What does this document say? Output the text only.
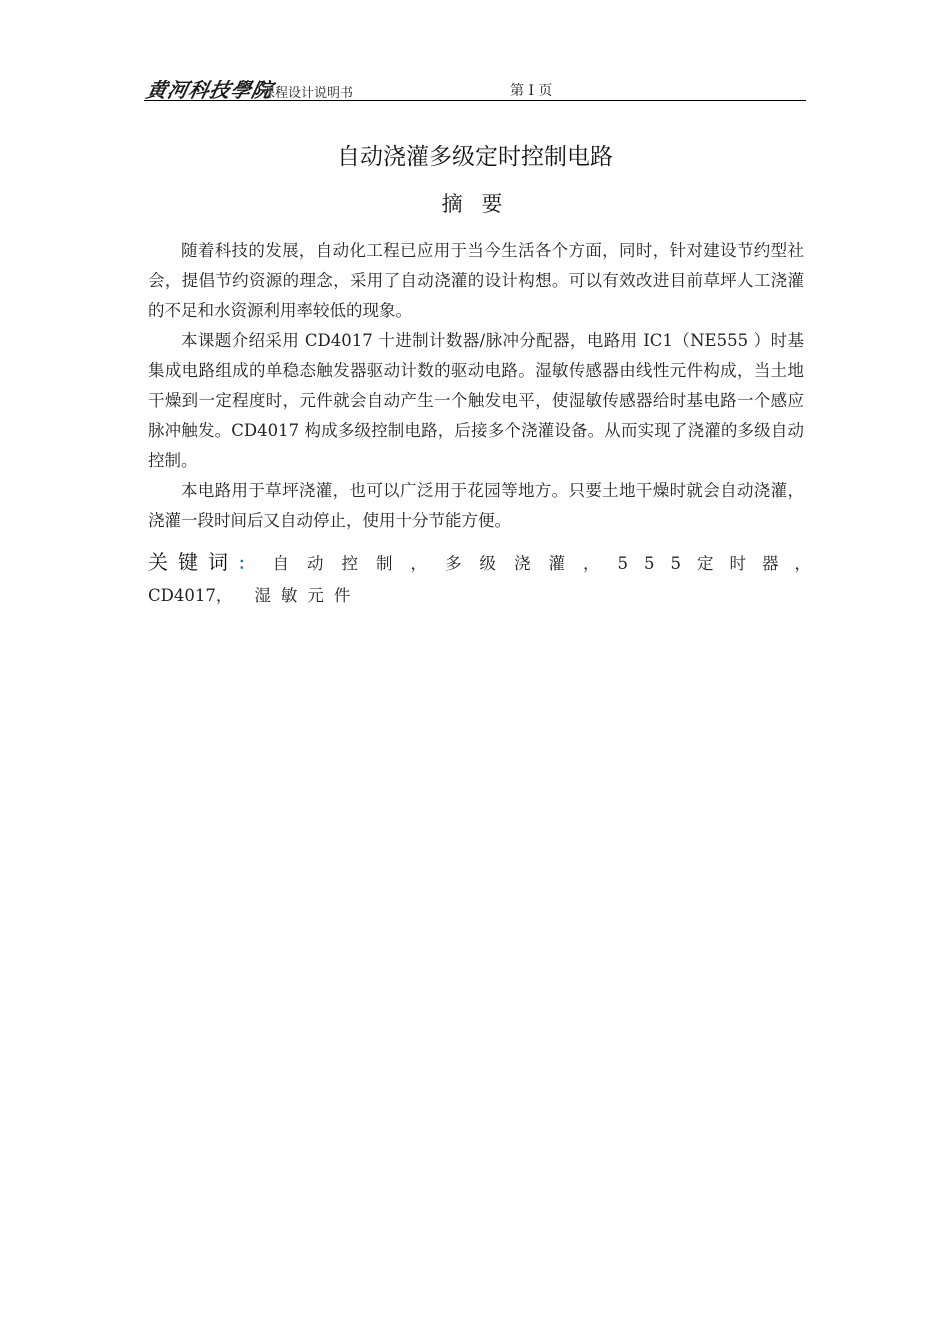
黄河科技學院
课程设计说明书	第 I 页
自动浇灌多级定时控制电路
摘 要

随着科技的发展，自动化工程已应用于当今生活各个方面，同时，针对建设节约型社会，提倡节约资源的理念，采用了自动浇灌的设计构想。可以有效改进目前草坪人工浇灌的不足和水资源利用率较低的现象。

本课题介绍采用 CD4017 十进制计数器/脉冲分配器，电路用 IC1（NE555 ）时基集成电路组成的单稳态触发器驱动计数的驱动电路。湿敏传感器由线性元件构成，当土地干燥到一定程度时，元件就会自动产生一个触发电平，使湿敏传感器给时基电路一个感应脉冲触发。CD4017 构成多级控制电路，后接多个浇灌设备。从而实现了浇灌的多级自动控制。

本电路用于草坪浇灌，也可以广泛用于花园等地方。只要土地干燥时就会自动浇灌，浇灌一段时间后又自动停止，使用十分节能方便。

关键词：	自动控制， 多级浇灌， 555定时器，
CD4017， 湿敏元件
